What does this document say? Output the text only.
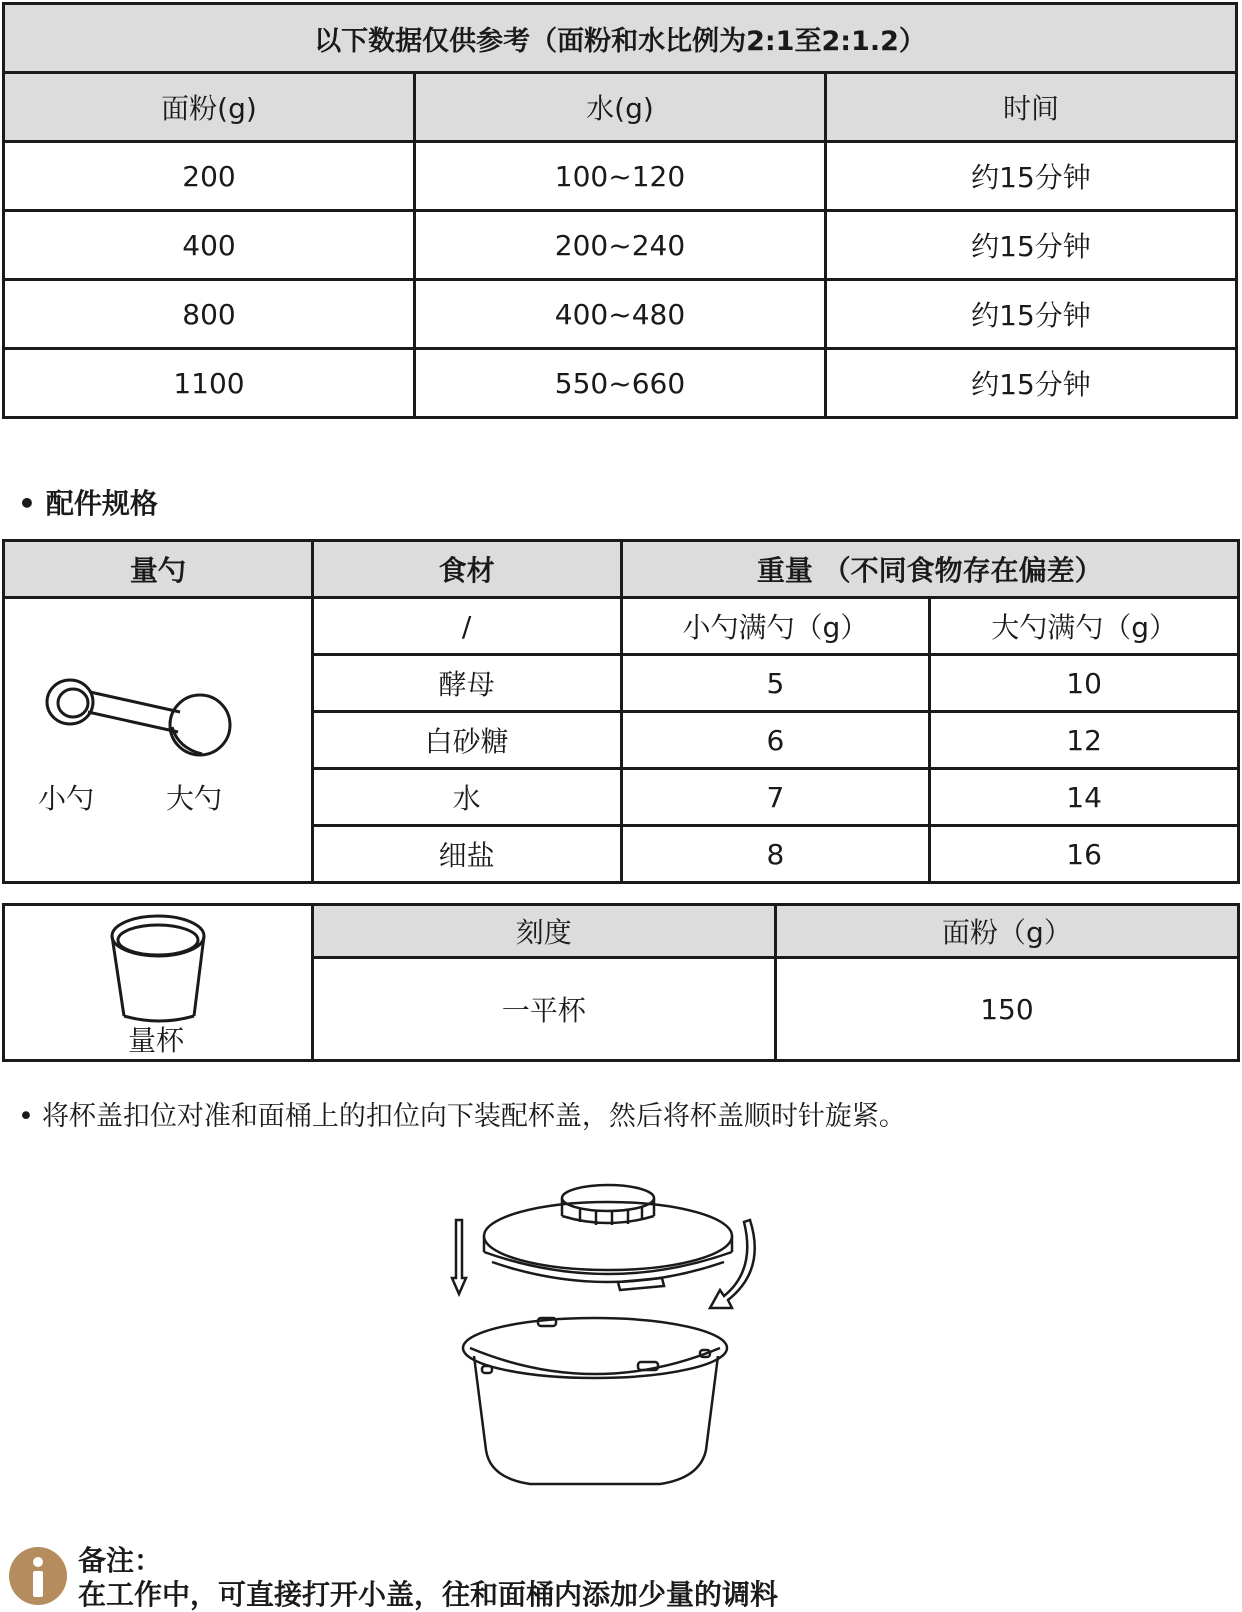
以下数据仅供参考（面粉和水比例为2:1至2:1.2）		
面粉(g)	水(g)	时间
200	100~120	约15分钟
400	200~240	约15分钟
800	400~480	约15分钟
1100	550~660	约15分钟
• 配件规格
量勺	食材	重量 （不同食物存在偏差）	

小勺 大勺	/	小勺满勺（g）	大勺满勺（g）
	酵母	5	10
	白砂糖	6	12
	水	7	14
	细盐	8	16
量杯	刻度	面粉（g）
	一平杯	150
• 将杯盖扣位对准和面桶上的扣位向下装配杯盖，然后将杯盖顺时针旋紧。
备注：
在工作中，可直接打开小盖，往和面桶内添加少量的调料
